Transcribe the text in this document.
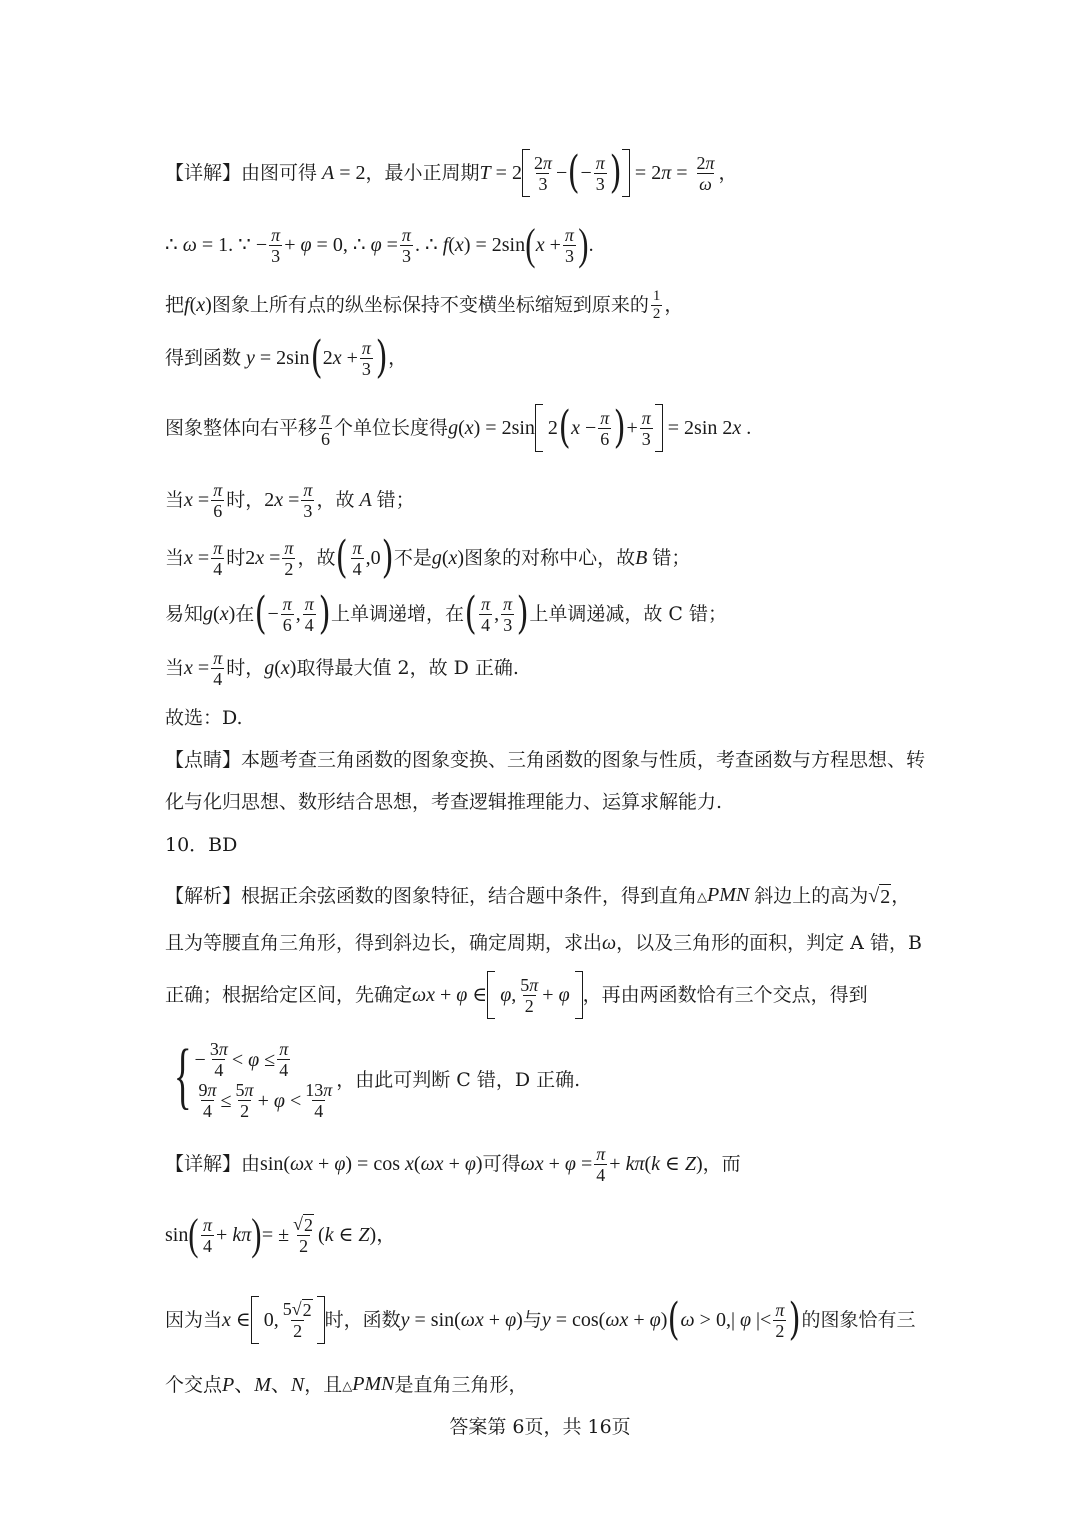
【详解】 由图可得 A = 2 ，最小正周期 $T = 2 \frac{2\pi}{3}$ − ( − $\frac{\pi}{3}$ ) = $2\pi = \frac{2\pi}{\omega}$ ，
∴ ω = 1. ∵ − $\frac{\pi}{3} + \varphi = 0$, ∴ $\varphi = \frac{\pi}{3}$ . ∴ f(x) = 2sin ( $x + \frac{\pi}{3}$ ) .
把 f(x) 图象上所有点的纵坐标保持不变横坐标缩短到原来的 $\frac{1}{2}$ ，
得到函数 y = 2sin ( $2x + \frac{\pi}{3}$ ) ，
图象整体向右平移 $\frac{\pi}{6}$ 个单位长度得 g(x) = 2sin 2 ( $x - \frac{\pi}{6}$ ) + $\frac{\pi}{3} = 2\sin$ 2x .
当 $x = \frac{\pi}{6}$ 时， $2x = \frac{\pi}{3}$ ，故 A 错；
当 $x = \frac{\pi}{4}$ 时 $2x = \frac{\pi}{2}$ ，故 ( $\frac{\pi}{4} ,0$ ) 不是 g(x) 图象的对称中心，故 B 错；
易知 g(x) 在 ( − $\frac{\pi}{6}$ , $\frac{\pi}{4}$ ) 上单调递增，在 ( $\frac{\pi}{4}$ , $\frac{\pi}{3}$ ) 上单调递减，故 C 错；
当 $x = \frac{\pi}{4}$ 时， g(x) 取得最大值 2，故 D 正确.
故选：D.
【点睛】 本题考查三角函数的图象变换、三角函数的图象与性质，考查函数与方程思想、转
化与化归思想、数形结合思想，考查逻辑推理能力、运算求解能力.
10．BD
【解析】 根据正余弦函数的图象特征，结合题中条件，得到直角 △PMN 斜边上的高为 √ 2 ，
且为等腰直角三角形，得到斜边长，确定周期，求出 ω ，以及三角形的面积，判定 A 错，B
正确；根据给定区间，先确定 ωx + φ ∈ φ, $\frac{5\pi}{2} + \varphi$ ，再由两函数恰有三个交点，得到
{ − $\frac{3\pi}{4} < \varphi \le \frac{\pi}{4}$
$\frac{9\pi}{4} \le \frac{5\pi}{2} + \varphi < \frac{13\pi}{4}$ ，由此可判断 C 错，D 正确.
【详解】 由 sin(ωx + φ) = cos x(ωx + φ) 可得 $\omega x + \varphi = \frac{\pi}{4} + k\pi(k$ ∈ Z) ，而
sin ( $\frac{\pi}{4} + k\pi$ ) = ± $\frac{√ 2}{2} (k$ ∈ Z)，
因为当 x ∈ 0, $\frac{5 √ 2}{2}$ 时，函数 y = sin(ωx + φ) 与 y = cos(ωx + φ) ( ω > 0,| φ |< $\frac{\pi}{2}$ ) 的图象恰有三
个交点 P、M、N ，且 △PMN 是直角三角形，
答案第 6页，共 16页
